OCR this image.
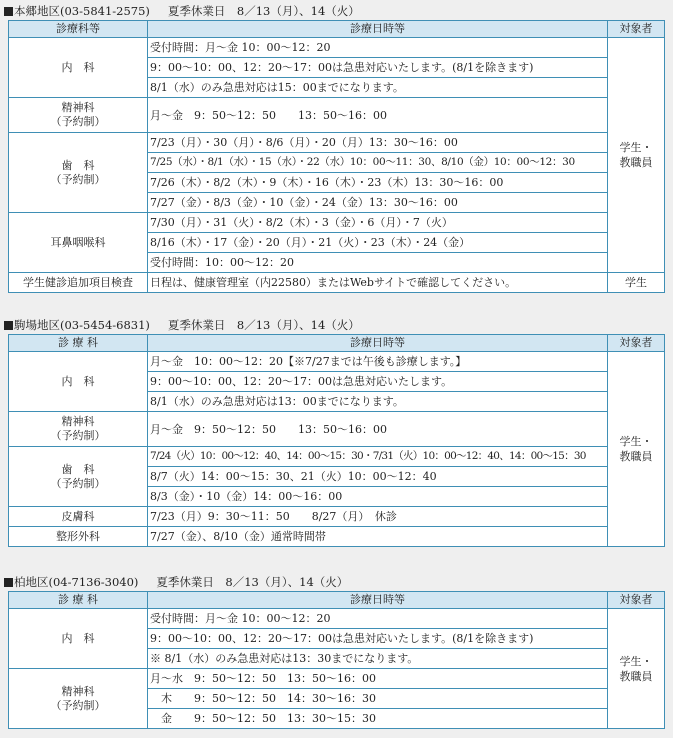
本郷地区(03-5841-2575) 夏季休業日　 8／13（月）、14（火）
診療科等	診療日時等	対象者
内　科	受付時間：月～金 10：00～12：20	学生・
教職員
	9：00～10：00、12：20～17：00は急患対応いたします。(8/1を除きます)	
	8/1（水）のみ急患対応は15：00までになります。	
精神科
（予約制）	月～金　9：50～12：50　　13：50～16：00	
歯　科
（予約制）	7/23（月）・30（月）・8/6（月）・20（月）13：30～16：00	
	7/25（水）・8/1（水）・15（水）・22（水）10：00～11：30、8/10（金）10：00～12：30	
	7/26（木）・8/2（木）・9（木）・16（木）・23（木）13：30～16：00	
	7/27（金）・8/3（金）・10（金）・24（金）13：30～16：00	
耳鼻咽喉科	7/30（月）・31（火）・8/2（木）・3（金）・6（月）・7（火）	
	8/16（木）・17（金）・20（月）・21（火）・23（木）・24（金）	
	受付時間：10：00～12：20	
学生健診追加項目検査	日程は、健康管理室（内22580）またはWebサイトで確認してください。	学生
駒場地区(03-5454-6831) 夏季休業日　 8／13（月）、14（火）
診 療 科	診療日時等	対象者
内　科	月～金　10：00～12：20【※7/27までは午後も診療します。】	学生・
教職員
	9：00～10：00、12：20～17：00は急患対応いたします。	
	8/1（水）のみ急患対応は13：00までになります。	
精神科
（予約制）	月～金　9：50～12：50　　13：50～16：00	
歯　科
（予約制）	7/24（火）10：00～12：40、14：00～15：30・7/31（火）10：00～12：40、14：00～15：30	
	8/7（火）14：00～15：30、21（火）10：00～12：40	
	8/3（金）・10（金）14：00～16：00	
皮膚科	7/23（月）9：30～11：50　　8/27（月）　休診	
整形外科	7/27（金）、8/10（金）通常時間帯	
柏地区(04-7136-3040) 夏季休業日　 8／13（月）、14（火）
診 療 科	診療日時等	対象者
内　科	受付時間：月～金 10：00～12：20	学生・
教職員
	9：00～10：00、12：20～17：00は急患対応いたします。(8/1を除きます)	
	※ 8/1（水）のみ急患対応は13：30までになります。	
精神科
（予約制）	月～水　9：50～12：50　13：50～16：00	
	　木　　9：50～12：50　14：30～16：30	
	　金　　9：50～12：50　13：30～15：30	
